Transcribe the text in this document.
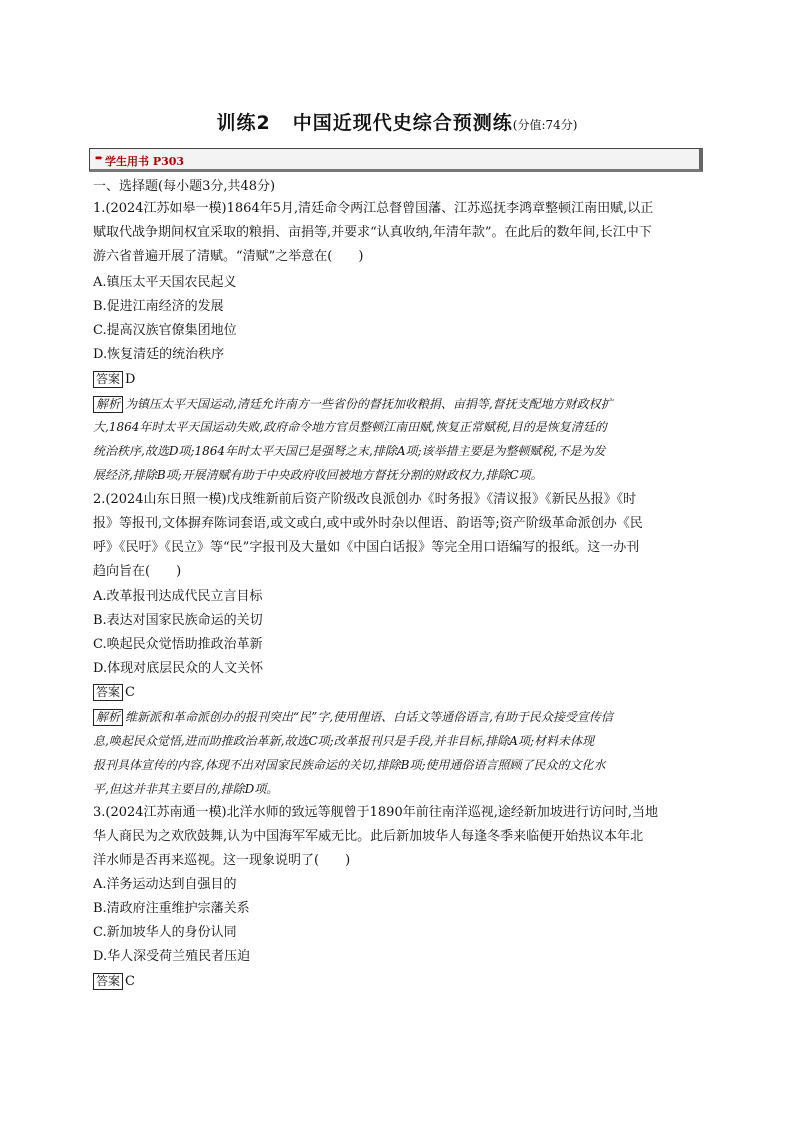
训练2 中国近现代史综合预测练(分值:74分)
➨ 学生用书 P303
一、选择题(每小题3分,共48分)
1.(2024江苏如皋一模)1864年5月,清廷命令两江总督曾国藩、江苏巡抚李鸿章整顿江南田赋,以正
赋取代战争期间权宜采取的粮捐、亩捐等,并要求“认真收纳,年清年款”。在此后的数年间,长江中下
游六省普遍开展了清赋。“清赋”之举意在(　　)
A.镇压太平天国农民起义
B.促进江南经济的发展
C.提高汉族官僚集团地位
D.恢复清廷的统治秩序
答案 D
解析 为镇压太平天国运动,清廷允许南方一些省份的督抚加收粮捐、亩捐等,督抚支配地方财政权扩
大,1864年时太平天国运动失败,政府命令地方官员整顿江南田赋,恢复正常赋税,目的是恢复清廷的
统治秩序,故选D项;1864年时太平天国已是强弩之末,排除A项;该举措主要是为整顿赋税,不是为发
展经济,排除B项;开展清赋有助于中央政府收回被地方督抚分割的财政权力,排除C项。
2.(2024山东日照一模)戊戌维新前后资产阶级改良派创办《时务报》《清议报》《新民丛报》《时
报》等报刊,文体摒弃陈词套语,或文或白,或中或外时杂以俚语、韵语等;资产阶级革命派创办《民
呼》《民吁》《民立》等“民”字报刊及大量如《中国白话报》等完全用口语编写的报纸。这一办刊
趋向旨在(　　)
A.改革报刊达成代民立言目标
B.表达对国家民族命运的关切
C.唤起民众觉悟助推政治革新
D.体现对底层民众的人文关怀
答案 C
解析 维新派和革命派创办的报刊突出“民”字,使用俚语、白话文等通俗语言,有助于民众接受宣传信
息,唤起民众觉悟,进而助推政治革新,故选C项;改革报刊只是手段,并非目标,排除A项;材料未体现
报刊具体宣传的内容,体现不出对国家民族命运的关切,排除B项;使用通俗语言照顾了民众的文化水
平,但这并非其主要目的,排除D项。
3.(2024江苏南通一模)北洋水师的致远等舰曾于1890年前往南洋巡视,途经新加坡进行访问时,当地
华人商民为之欢欣鼓舞,认为中国海军军威无比。此后新加坡华人每逢冬季来临便开始热议本年北
洋水师是否再来巡视。这一现象说明了(　　)
A.洋务运动达到自强目的
B.清政府注重维护宗藩关系
C.新加坡华人的身份认同
D.华人深受荷兰殖民者压迫
答案 C
